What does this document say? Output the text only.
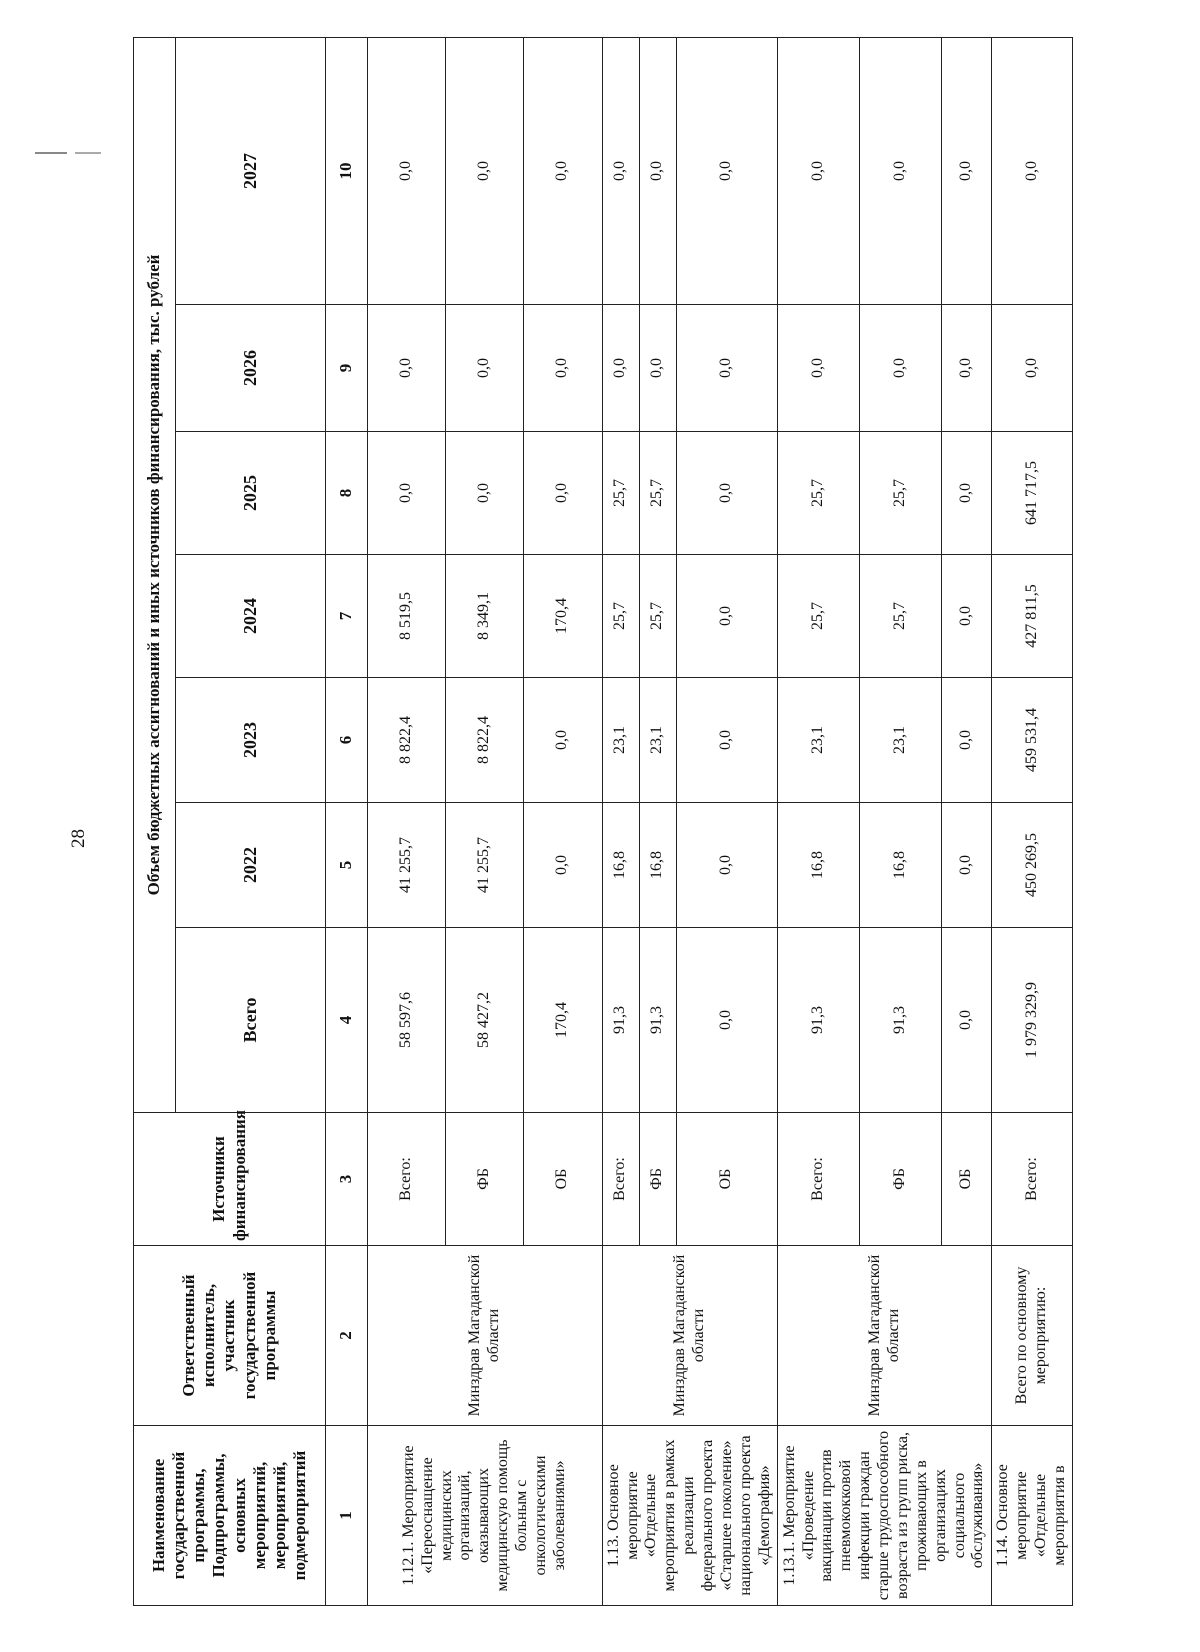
28
Наименование государственной программы, Подпрограммы, основных мероприятий, мероприятий, подмероприятий	Ответственный исполнитель, участник государственной программы	Источники финансирования	Объем бюджетных ассигнований и иных источников финансирования, тыс. рублей						
			Всего	2022	2023	2024	2025	2026	2027
1	2	3	4	5	6	7	8	9	10
1.12.1. Мероприятие «Переоснащение медицинских организаций, оказывающих медицинскую помощь больным с онкологическими заболеваниями»	Минздрав Магаданской области	Всего:	58 597,6	41 255,7	8 822,4	8 519,5	0,0	0,0	0,0
		ФБ	58 427,2	41 255,7	8 822,4	8 349,1	0,0	0,0	0,0
		ОБ	170,4	0,0	0,0	170,4	0,0	0,0	0,0
1.13. Основное мероприятие «Отдельные мероприятия в рамках реализации федерального проекта «Старшее поколение» национального проекта «Демография»	Минздрав Магаданской области	Всего:	91,3	16,8	23,1	25,7	25,7	0,0	0,0
		ФБ	91,3	16,8	23,1	25,7	25,7	0,0	0,0
		ОБ	0,0	0,0	0,0	0,0	0,0	0,0	0,0
1.13.1. Мероприятие «Проведение вакцинации против пневмококковой инфекции граждан старше трудоспособного возраста из групп риска, проживающих в организациях социального обслуживания»	Минздрав Магаданской области	Всего:	91,3	16,8	23,1	25,7	25,7	0,0	0,0
		ФБ	91,3	16,8	23,1	25,7	25,7	0,0	0,0
		ОБ	0,0	0,0	0,0	0,0	0,0	0,0	0,0
1.14. Основное мероприятие «Отдельные мероприятия в	Всего по основному мероприятию:	Всего:	1 979 329,9	450 269,5	459 531,4	427 811,5	641 717,5	0,0	0,0
